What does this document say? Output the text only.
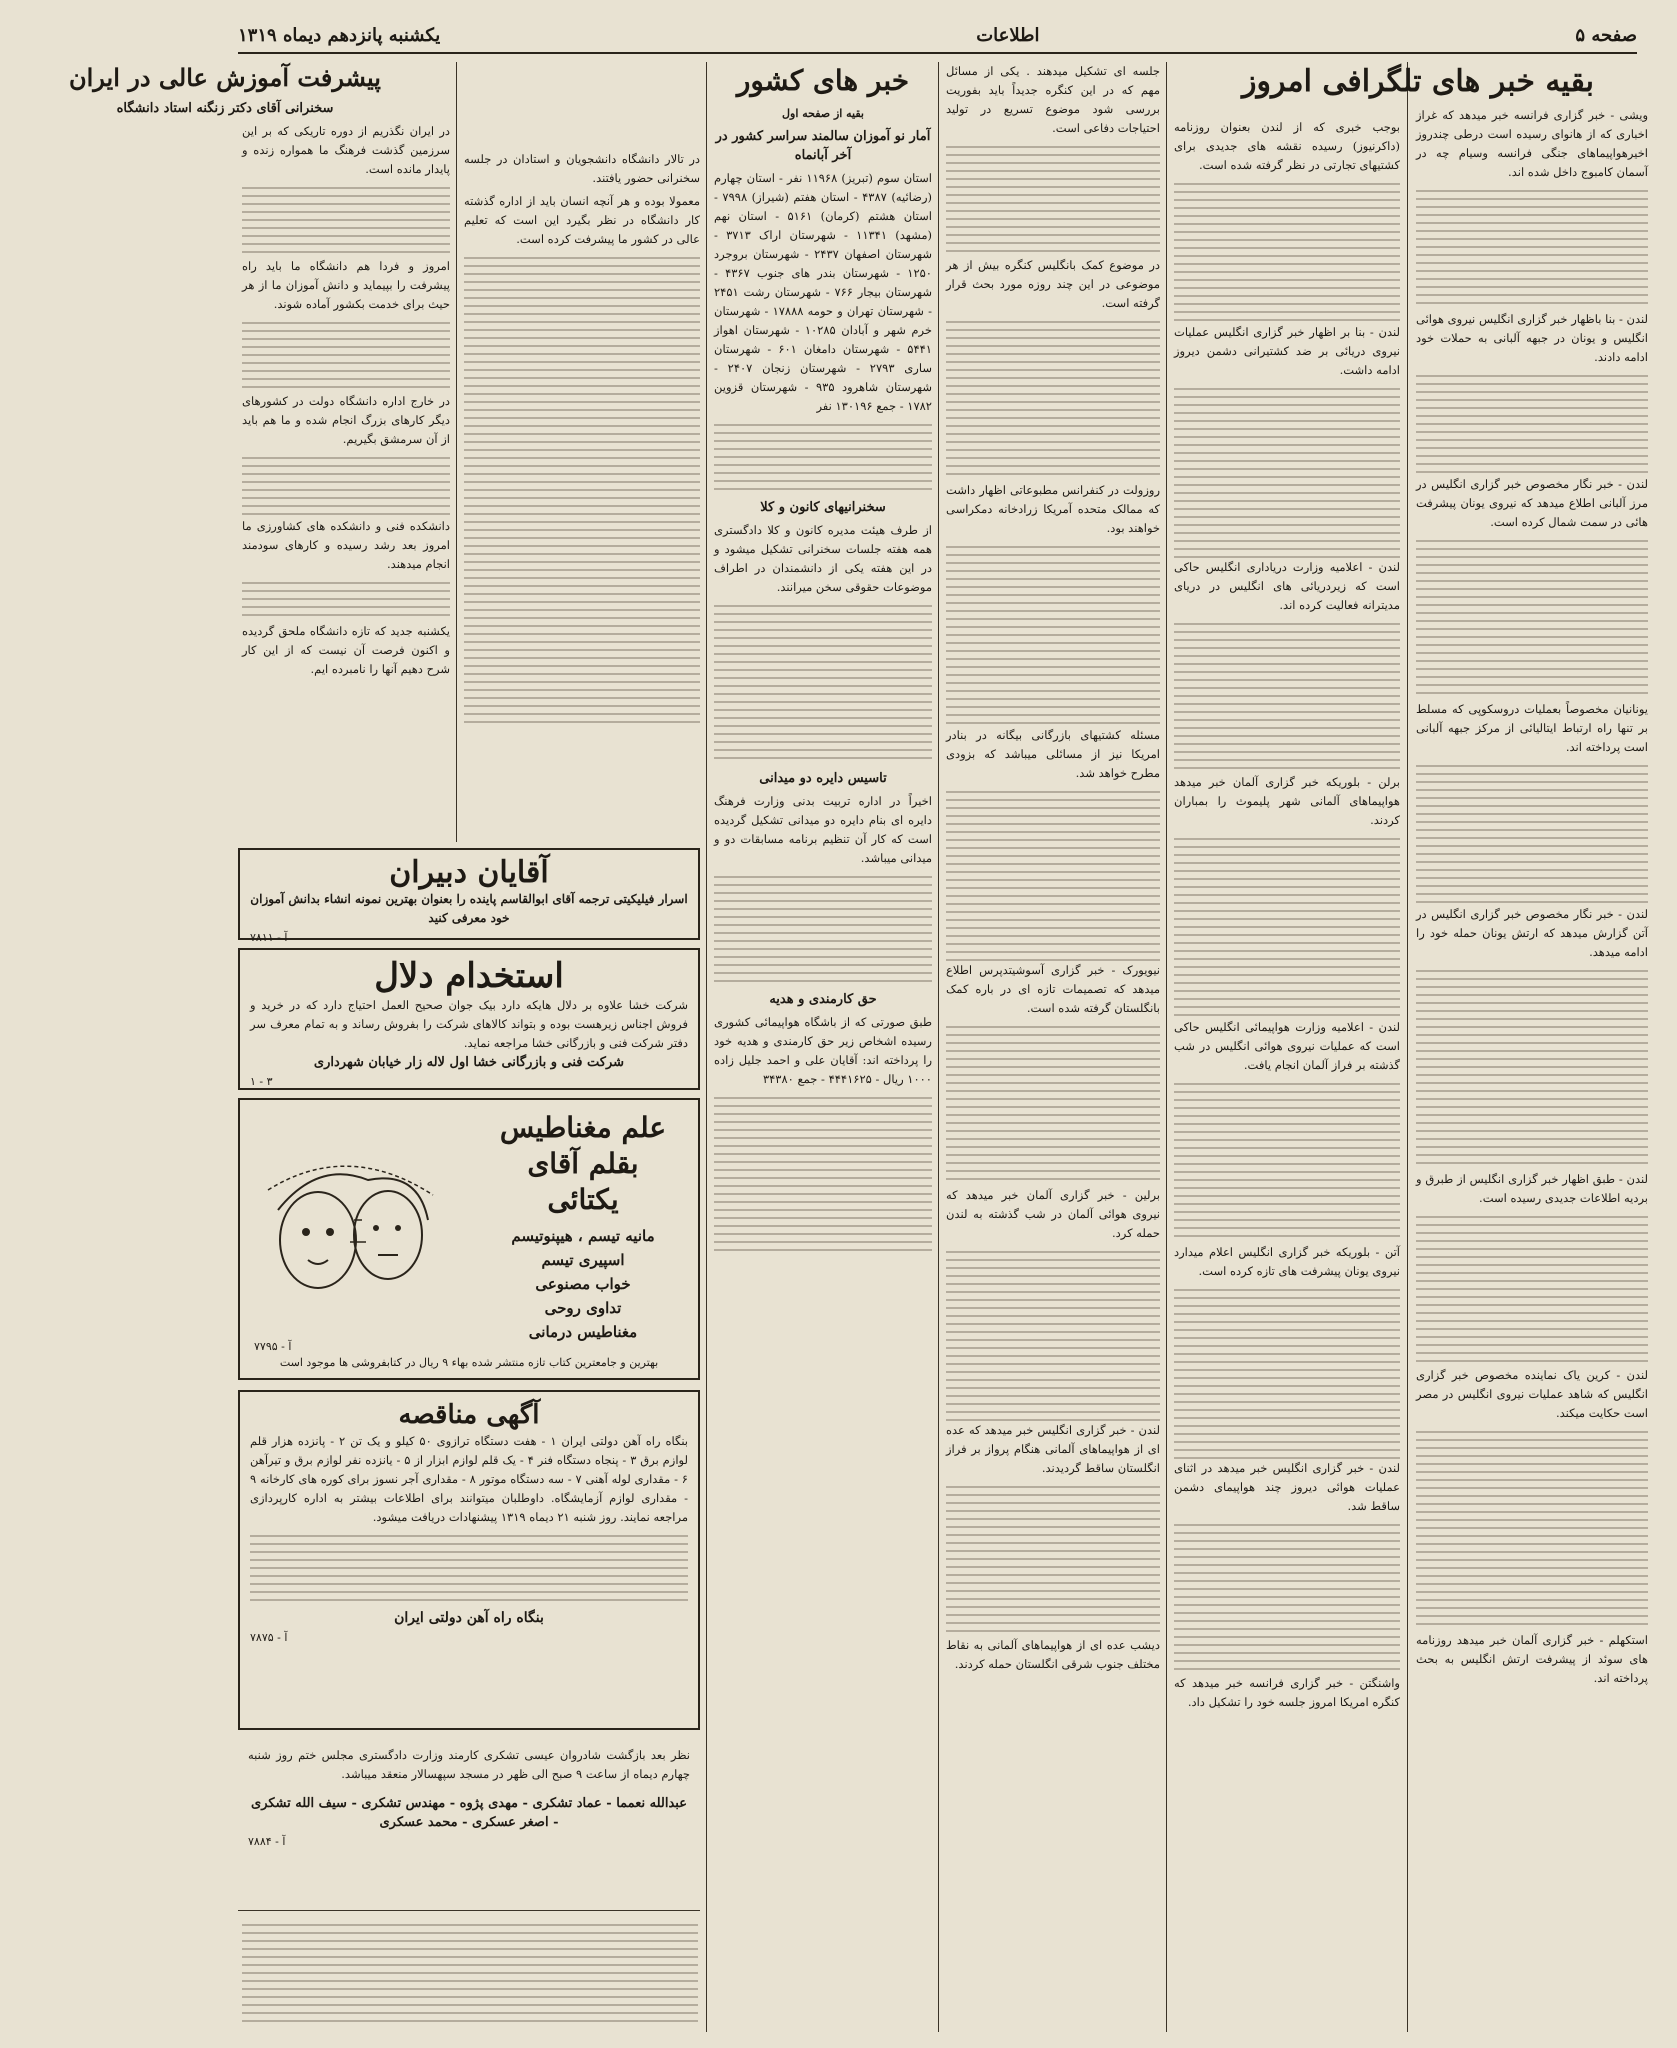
صفحه ۵
اطلاعات
یکشنبه پانزدهم دیماه ۱۳۱۹
بقیه خبر های تلگرافی امروز

ویشی - خبر گزاری فرانسه خبر میدهد که غراز اخباری که از هانوای رسیده است درطی چندروز اخیرهواپیماهای جنگی فرانسه وسیام چه در آسمان کامبوج داخل شده اند.

لندن - بنا باظهار خبر گزاری انگلیس نیروی هوائی انگلیس و یونان در جبهه آلبانی به حملات خود ادامه دادند.

لندن - خبر نگار مخصوص خبر گزاری انگلیس در مرز آلبانی اطلاع میدهد که نیروی یونان پیشرفت هائی در سمت شمال کرده است.

یونانیان مخصوصاً بعملیات دروسکوپی که مسلط بر تنها راه ارتباط ایتالیائی از مرکز جبهه آلبانی است پرداخته اند.

لندن - خبر نگار مخصوص خبر گزاری انگلیس در آتن گزارش میدهد که ارتش یونان حمله خود را ادامه میدهد.

لندن - طبق اظهار خبر گزاری انگلیس از طبرق و بردیه اطلاعات جدیدی رسیده است.

لندن - کرین یاک نماینده مخصوص خبر گزاری انگلیس که شاهد عملیات نیروی انگلیس در مصر است حکایت میکند.

استکهلم - خبر گزاری آلمان خبر میدهد روزنامه های سوئد از پیشرفت ارتش انگلیس به بحث پرداخته اند.

بوجب خبری که از لندن بعنوان روزنامه (داکرنیوز) رسیده نقشه های جدیدی برای کشتیهای تجارتی در نظر گرفته شده است.

لندن - بنا بر اظهار خبر گزاری انگلیس عملیات نیروی دریائی بر ضد کشتیرانی دشمن دیروز ادامه داشت.

لندن - اعلامیه وزارت دریاداری انگلیس حاکی است که زیردریائی های انگلیس در دریای مدیترانه فعالیت کرده اند.

برلن - بلوریکه خبر گزاری آلمان خبر میدهد هواپیماهای آلمانی شهر پلیموث را بمباران کردند.

لندن - اعلامیه وزارت هواپیمائی انگلیس حاکی است که عملیات نیروی هوائی انگلیس در شب گذشته بر فراز آلمان انجام یافت.

آتن - بلوریکه خبر گزاری انگلیس اعلام میدارد نیروی یونان پیشرفت های تازه کرده است.

لندن - خبر گزاری انگلیس خبر میدهد در اثنای عملیات هوائی دیروز چند هواپیمای دشمن ساقط شد.

واشنگتن - خبر گزاری فرانسه خبر میدهد که کنگره امریکا امروز جلسه خود را تشکیل داد.

جلسه ای تشکیل میدهند . یکی از مسائل مهم که در این کنگره جدیداً باید بفوریت بررسی شود موضوع تسریع در تولید احتیاجات دفاعی است.

در موضوع کمک بانگلیس کنگره بیش از هر موضوعی در این چند روزه مورد بحث قرار گرفته است.

روزولت در کنفرانس مطبوعاتی اظهار داشت که ممالک متحده آمریکا زرادخانه دمکراسی خواهند بود.

مسئله کشتیهای بازرگانی بیگانه در بنادر امریکا نیز از مسائلی میباشد که بزودی مطرح خواهد شد.

نیویورک - خبر گزاری آسوشیتدپرس اطلاع میدهد که تصمیمات تازه ای در باره کمک بانگلستان گرفته شده است.

برلین - خبر گزاری آلمان خبر میدهد که نیروی هوائی آلمان در شب گذشته به لندن حمله کرد.

لندن - خبر گزاری انگلیس خبر میدهد که عده ای از هواپیماهای آلمانی هنگام پرواز بر فراز انگلستان ساقط گردیدند.

دیشب عده ای از هواپیماهای آلمانی به نقاط مختلف جنوب شرقی انگلستان حمله کردند.

خبر های کشور
بقیه از صفحه اول
آمار نو آموزان سالمند سراسر کشور در آخر آبانماه

استان سوم (تبریز) ۱۱۹۶۸ نفر - استان چهارم (رضائیه) ۴۳۸۷ - استان هفتم (شیراز) ۷۹۹۸ - استان هشتم (کرمان) ۵۱۶۱ - استان نهم (مشهد) ۱۱۳۴۱ - شهرستان اراک ۳۷۱۳ - شهرستان اصفهان ۲۴۳۷ - شهرستان بروجرد ۱۲۵۰ - شهرستان بندر های جنوب ۴۳۶۷ - شهرستان بیجار ۷۶۶ - شهرستان رشت ۲۴۵۱ - شهرستان تهران و حومه ۱۷۸۸۸ - شهرستان خرم شهر و آبادان ۱۰۲۸۵ - شهرستان اهواز ۵۴۴۱ - شهرستان دامغان ۶۰۱ - شهرستان ساری ۲۷۹۳ - شهرستان زنجان ۲۴۰۷ - شهرستان شاهرود ۹۳۵ - شهرستان قزوین ۱۷۸۲ - جمع ۱۳۰۱۹۶ نفر

سخنرانیهای کانون و کلا

از طرف هیئت مدیره کانون و کلا دادگستری همه هفته جلسات سخنرانی تشکیل میشود و در این هفته یکی از دانشمندان در اطراف موضوعات حقوقی سخن میرانند.

تاسیس دایره دو میدانی

اخیراً در اداره تربیت بدنی وزارت فرهنگ دایره ای بنام دایره دو میدانی تشکیل گردیده است که کار آن تنظیم برنامه مسابقات دو و میدانی میباشد.

حق کارمندی و هدیه

طبق صورتی که از باشگاه هواپیمائی کشوری رسیده اشخاص زیر حق کارمندی و هدیه خود را پرداخته اند: آقایان علی و احمد جلیل زاده ۱۰۰۰ ریال - ۴۴۴۱۶۲۵ - جمع ۳۴۳۸۰

در تالار دانشگاه دانشجویان و استادان در جلسه سخنرانی حضور یافتند.

معمولا بوده و هر آنچه انسان باید از اداره گذشته کار دانشگاه در نظر بگیرد این است که تعلیم عالی در کشور ما پیشرفت کرده است.

پیشرفت آموزش عالی در ایران
سخنرانی آقای دکتر زنگنه استاد دانشگاه

در ایران نگذریم از دوره تاریکی که بر این سرزمین گذشت فرهنگ ما همواره زنده و پایدار مانده است.

امروز و فردا هم دانشگاه ما باید راه پیشرفت را بپیماید و دانش آموزان ما از هر حیث برای خدمت بکشور آماده شوند.

در خارج اداره دانشگاه دولت در کشورهای دیگر کارهای بزرگ انجام شده و ما هم باید از آن سرمشق بگیریم.

دانشکده فنی و دانشکده های کشاورزی ما امروز بعد رشد رسیده و کارهای سودمند انجام میدهند.

یکشنبه جدید که تازه دانشگاه ملحق گردیده و اکنون فرصت آن نیست که از این کار شرح دهیم آنها را نامبرده ایم.

آقایان دبیران
اسرار فیلیکیتی ترجمه آقای ابوالقاسم پاینده را بعنوان بهترین نمونه انشاء بدانش آموزان خود معرفی کنید
آ - ۷۸۱۱
استخدام دلال
شرکت خشا علاوه بر دلال هایکه دارد بیک جوان صحیح العمل احتیاج دارد که در خرید و فروش اجناس زیرهست بوده و بتواند کالاهای شرکت را بفروش رساند و به تمام معرف سر دفتر شرکت فنی و بازرگانی خشا مراجعه نماید.
شرکت فنی و بازرگانی خشا اول لاله زار خیابان شهرداری
۳ - ۱
علم مغناطیس بقلم آقای یکتائی
مانیه تیسم ، هیپنوتیسم
اسپیری تیسم
خواب مصنوعی
تداوی روحی
مغناطیس درمانی
بهترین و جامعترین کتاب تازه منتشر شده بهاء ۹ ریال در کتابفروشی ها موجود است
آ - ۷۷۹۵
آگهی مناقصه
بنگاه راه آهن دولتی ایران ۱ - هفت دستگاه ترازوی ۵۰ کیلو و یک تن ۲ - پانزده هزار قلم لوازم برق ۳ - پنجاه دستگاه فنر ۴ - یک قلم لوازم ابزار از ۵ - یانزده نفر لوازم برق و تیرآهن ۶ - مقداری لوله آهنی ۷ - سه دستگاه موتور ۸ - مقداری آجر نسوز برای کوره های کارخانه ۹ - مقداری لوازم آزمایشگاه. داوطلبان میتوانند برای اطلاعات بیشتر به اداره کارپردازی مراجعه نمایند. روز شنبه ۲۱ دیماه ۱۳۱۹ پیشنهادات دریافت میشود.
بنگاه راه آهن دولتی ایران
آ - ۷۸۷۵
نظر بعد بازگشت شادروان عیسی تشکری کارمند وزارت دادگستری مجلس ختم روز شنبه چهارم دیماه از ساعت ۹ صبح الی ظهر در مسجد سپهسالار منعقد میباشد.
عبدالله نعمما - عماد تشکری - مهدی پژوه - مهندس تشکری - سیف الله تشکری - اصغر عسکری - محمد عسکری
آ - ۷۸۸۴
